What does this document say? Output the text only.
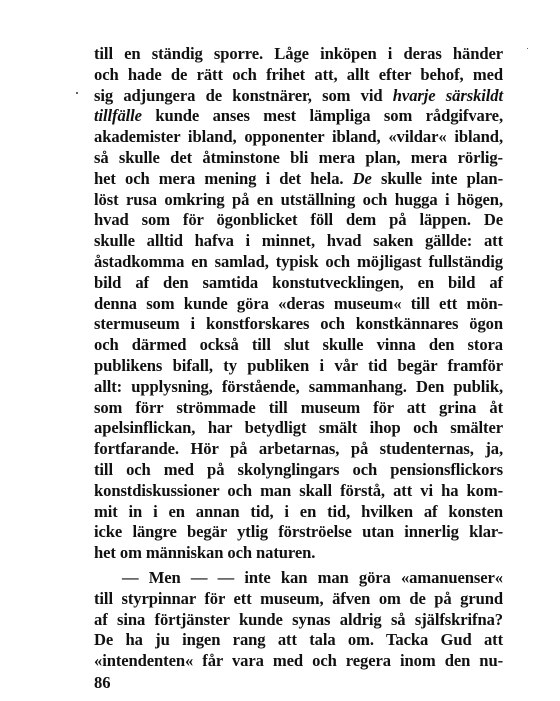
till en ständig sporre. Låge inköpen i deras händer
och hade de rätt och frihet att, allt efter behof, med
sig adjungera de konstnärer, som vid hvarje särskildt
tillfälle kunde anses mest lämpliga som rådgifvare,
akademister ibland, opponenter ibland, «vildar« ibland,
så skulle det åtminstone bli mera plan, mera rörlig-
het och mera mening i det hela. De skulle inte plan-
löst rusa omkring på en utställning och hugga i högen,
hvad som för ögonblicket föll dem på läppen. De
skulle alltid hafva i minnet, hvad saken gällde: att
åstadkomma en samlad, typisk och möjligast fullständig
bild af den samtida konstutvecklingen, en bild af
denna som kunde göra «deras museum« till ett mön-
stermuseum i konstforskares och konstkännares ögon
och därmed också till slut skulle vinna den stora
publikens bifall, ty publiken i vår tid begär framför
allt: upplysning, förstående, sammanhang. Den publik,
som förr strömmade till museum för att grina åt
apelsinflickan, har betydligt smält ihop och smälter
fortfarande. Hör på arbetarnas, på studenternas, ja,
till och med på skolynglingars och pensionsflickors
konstdiskussioner och man skall förstå, att vi ha kom-
mit in i en annan tid, i en tid, hvilken af konsten
icke längre begär ytlig förströelse utan innerlig klar-
het om människan och naturen.
— Men — — inte kan man göra «amanuenser«
till styrpinnar för ett museum, äfven om de på grund
af sina förtjänster kunde synas aldrig så själfskrifna?
De ha ju ingen rang att tala om. Tacka Gud att
«intendenten« får vara med och regera inom den nu-
86
